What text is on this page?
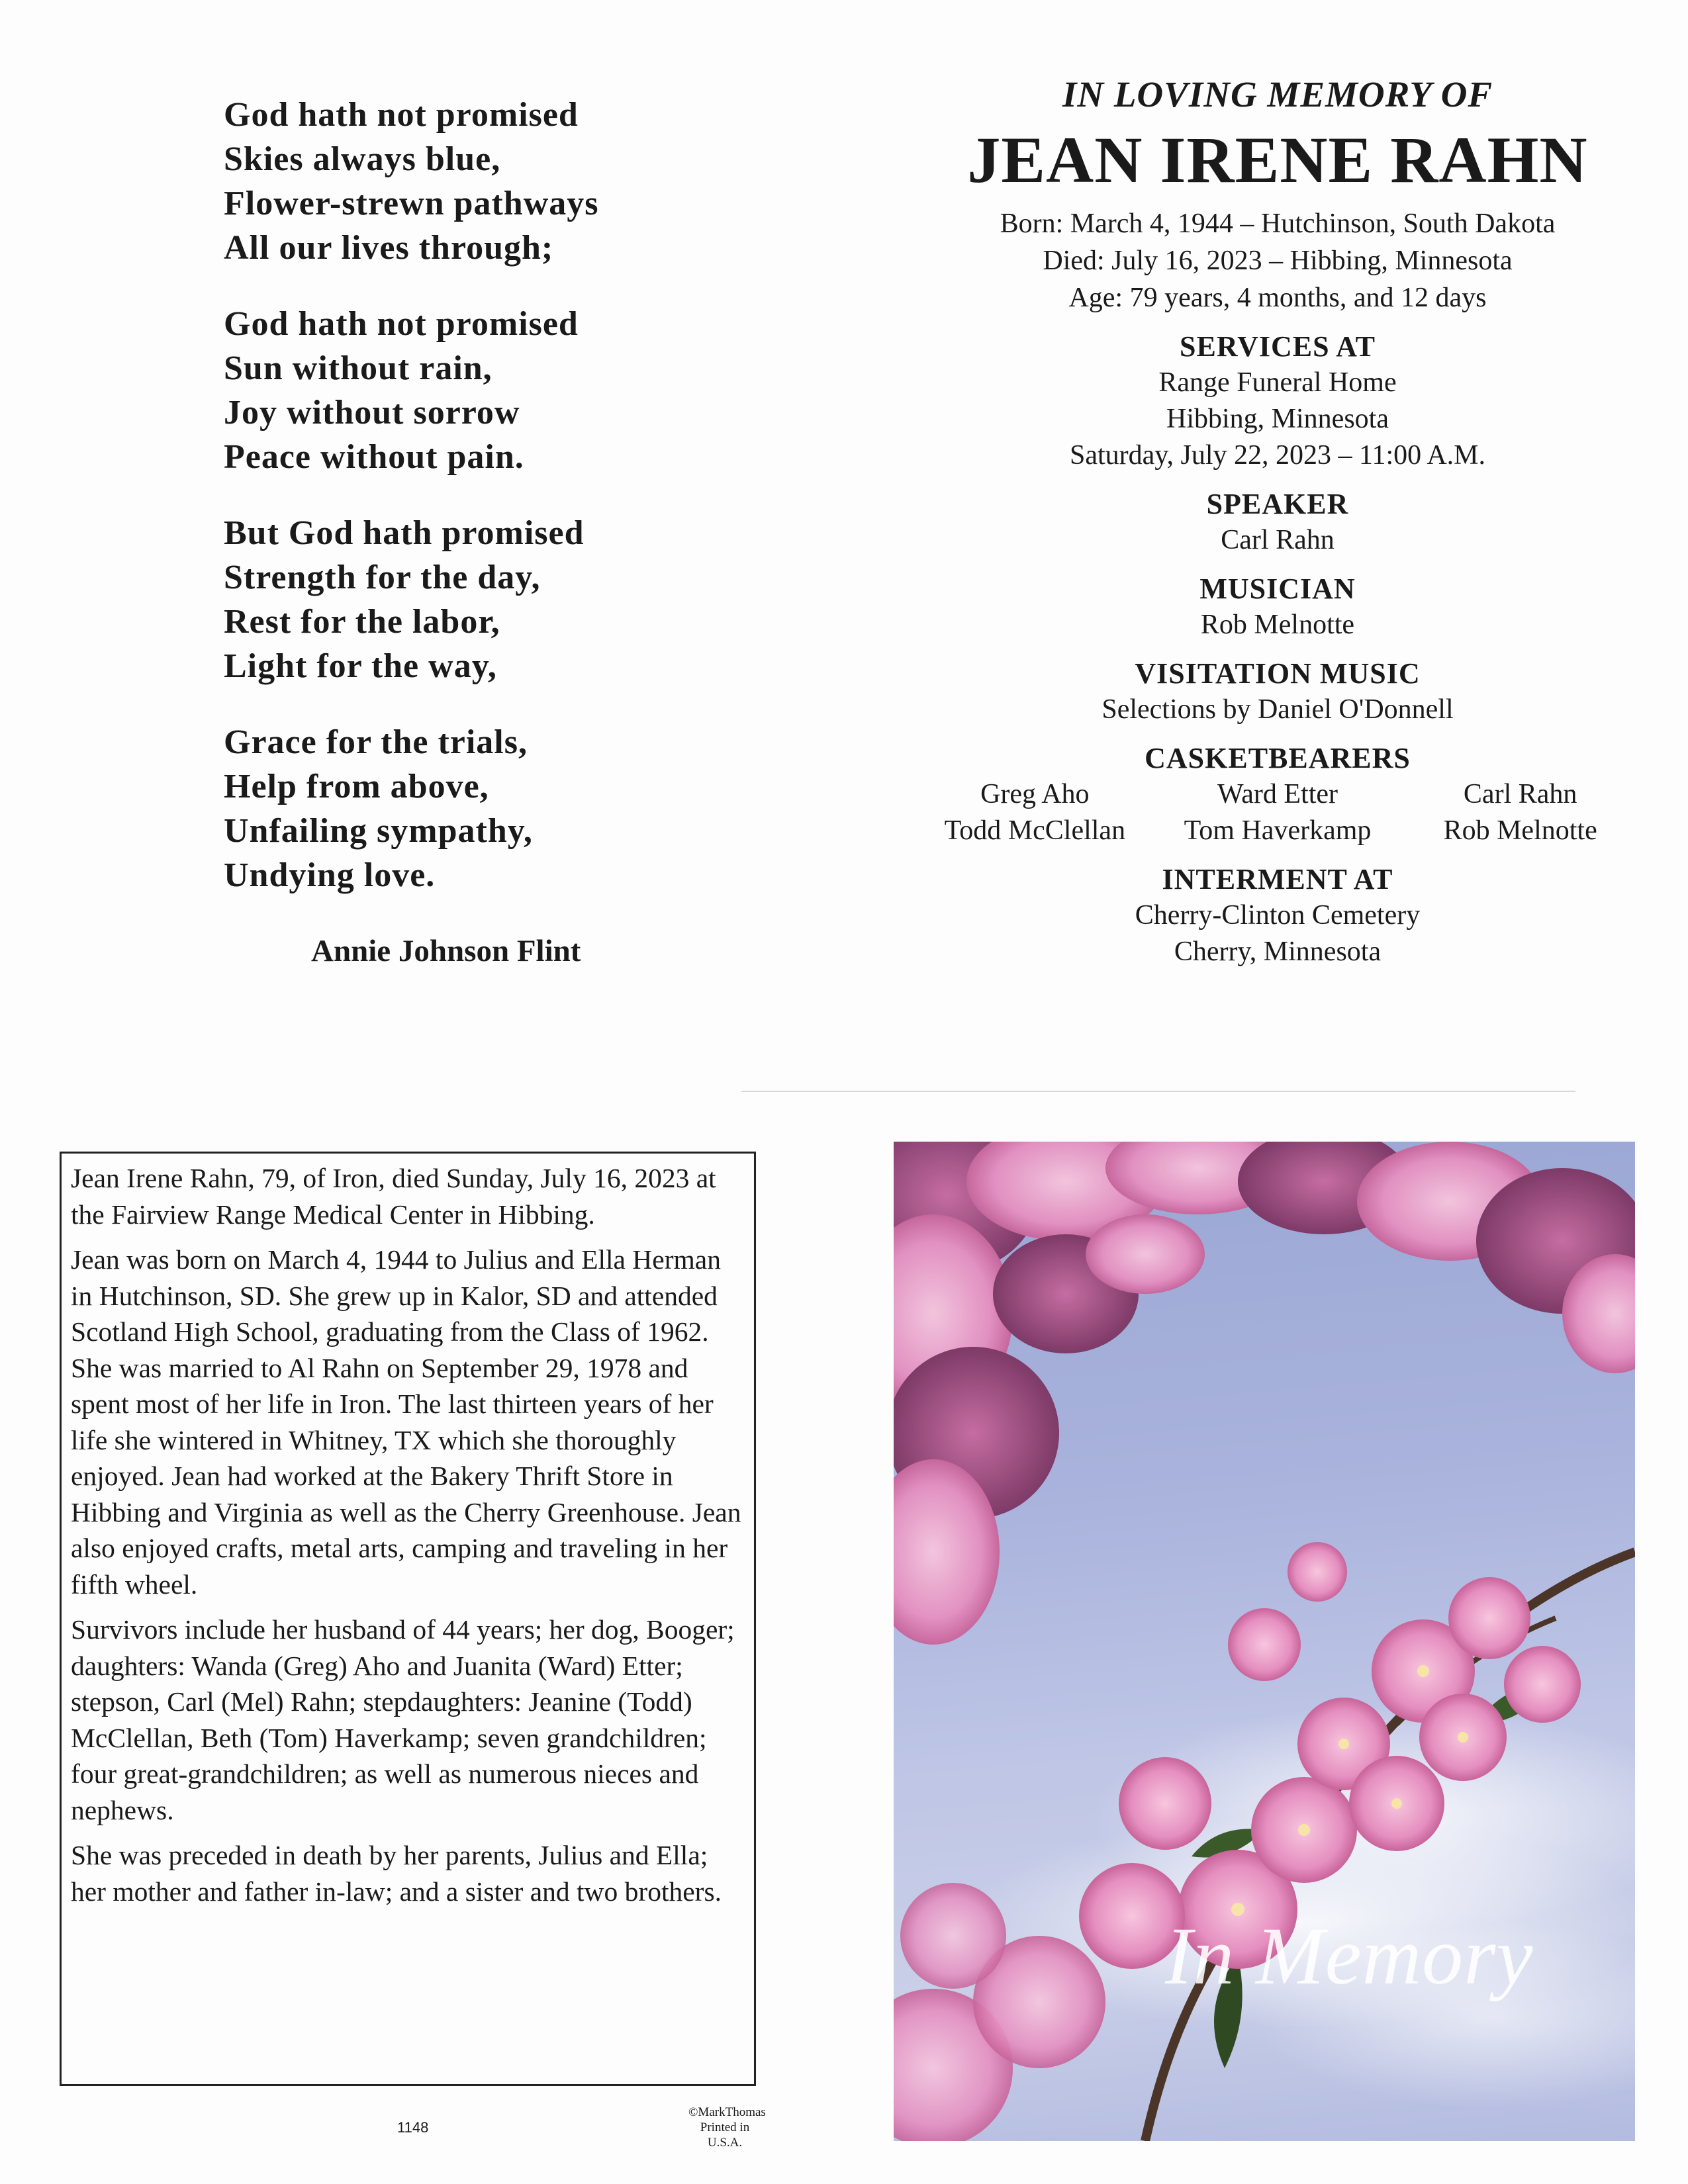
God hath not promised
Skies always blue,
Flower-strewn pathways
All our lives through;
God hath not promised
Sun without rain,
Joy without sorrow
Peace without pain.
But God hath promised
Strength for the day,
Rest for the labor,
Light for the way,
Grace for the trials,
Help from above,
Unfailing sympathy,
Undying love.
Annie Johnson Flint
IN LOVING MEMORY OF
JEAN IRENE RAHN
Born: March 4, 1944 – Hutchinson, South Dakota
Died: July 16, 2023 – Hibbing, Minnesota
Age: 79 years, 4 months, and 12 days
SERVICES AT
Range Funeral Home
Hibbing, Minnesota
Saturday, July 22, 2023 – 11:00 A.M.
SPEAKER
Carl Rahn
MUSICIAN
Rob Melnotte
VISITATION MUSIC
Selections by Daniel O'Donnell
CASKETBEARERS
Greg Aho	Ward Etter	Carl Rahn
Todd McClellan	Tom Haverkamp	Rob Melnotte
INTERMENT AT
Cherry-Clinton Cemetery
Cherry, Minnesota

Jean Irene Rahn, 79, of Iron, died Sunday, July 16, 2023 at the Fairview Range Medical Center in Hibbing.

Jean was born on March 4, 1944 to Julius and Ella Herman in Hutchinson, SD. She grew up in Kalor, SD and attended Scotland High School, graduating from the Class of 1962. She was married to Al Rahn on September 29, 1978 and spent most of her life in Iron. The last thirteen years of her life she wintered in Whitney, TX which she thoroughly enjoyed. Jean had worked at the Bakery Thrift Store in Hibbing and Virginia as well as the Cherry Greenhouse. Jean also enjoyed crafts, metal arts, camping and traveling in her fifth wheel.

Survivors include her husband of 44 years; her dog, Booger; daughters: Wanda (Greg) Aho and Juanita (Ward) Etter; stepson, Carl (Mel) Rahn; stepdaughters: Jeanine (Todd) McClellan, Beth (Tom) Haverkamp; seven grandchildren; four great-grandchildren; as well as numerous nieces and nephews.

She was preceded in death by her parents, Julius and Ella; her mother and father in-law; and a sister and two brothers.

1148
©MarkThomas
Printed in U.S.A.
In Memory
